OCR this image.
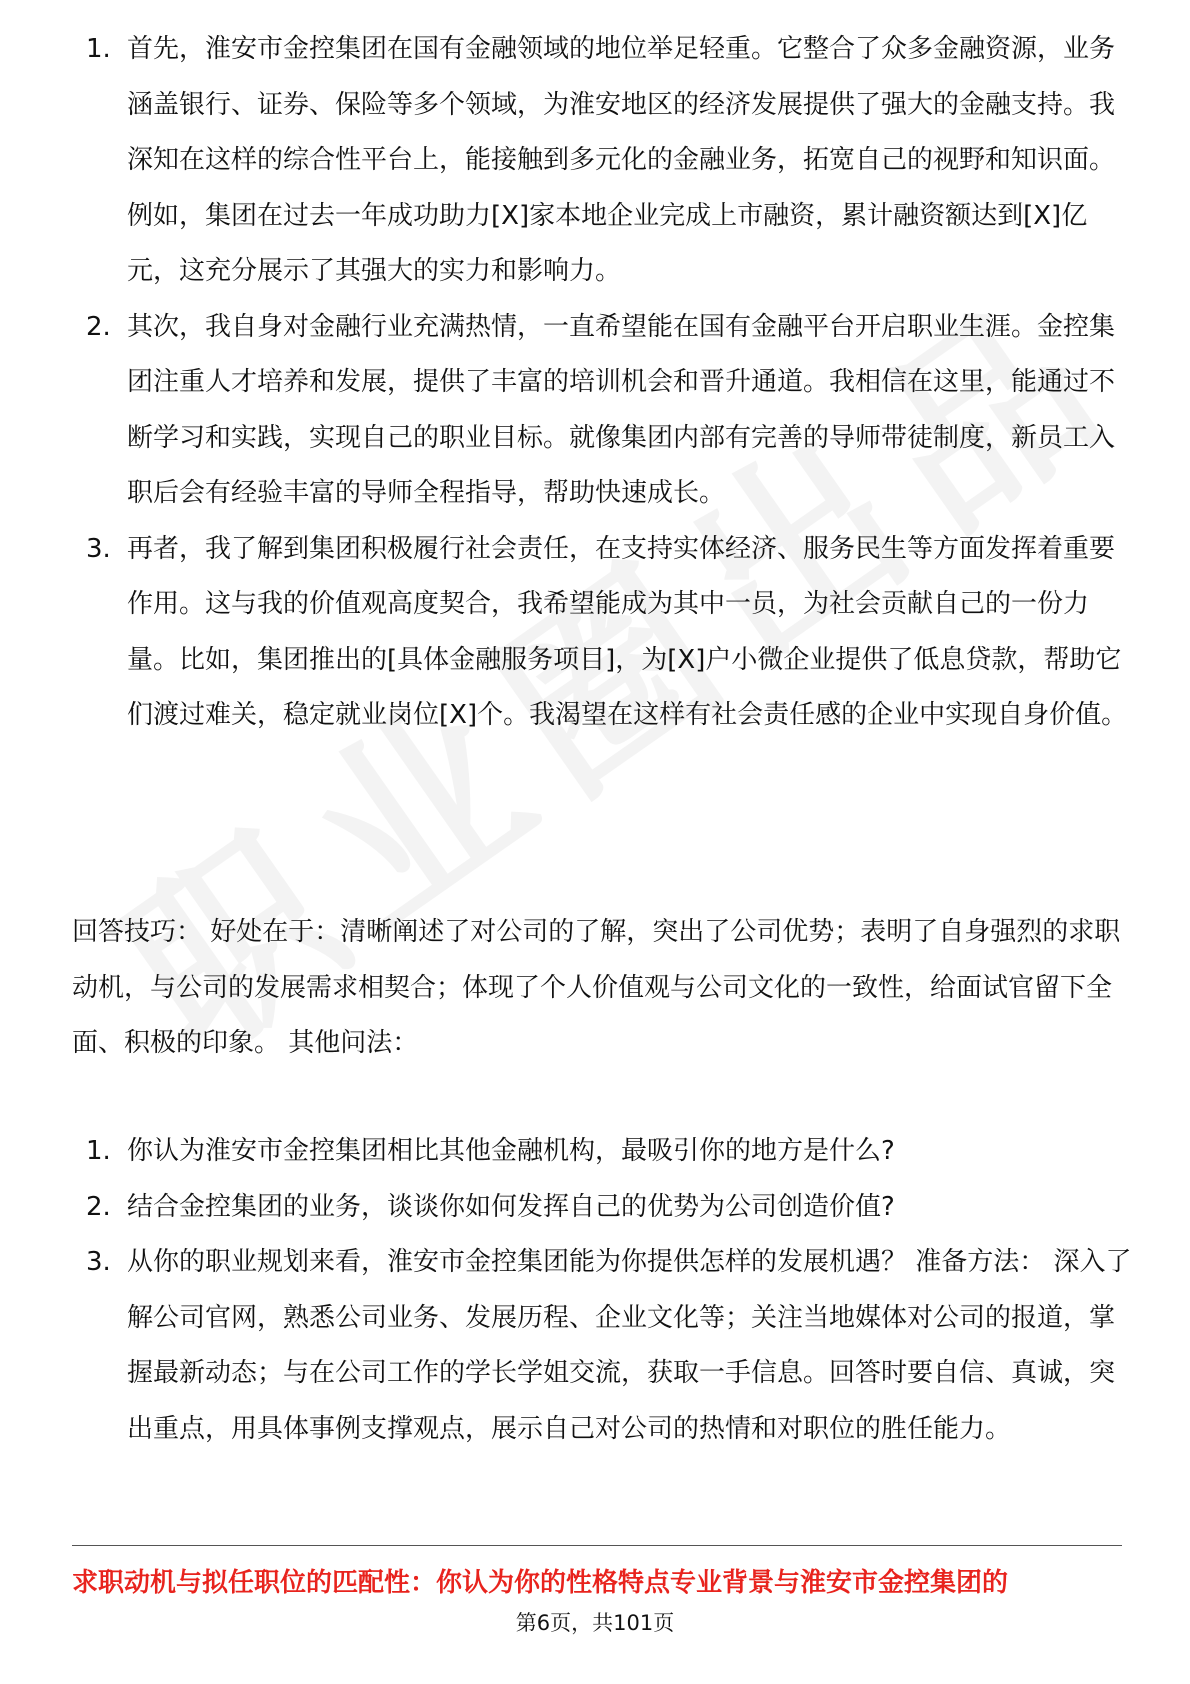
1. 首先，淮安市金控集团在国有金融领域的地位举足轻重。它整合了众多金融资源，业务涵盖银行、证券、保险等多个领域，为淮安地区的经济发展提供了强大的金融支持。我深知在这样的综合性平台上，能接触到多元化的金融业务，拓宽自己的视野和知识面。例如，集团在过去一年成功助力[X]家本地企业完成上市融资，累计融资额达到[X]亿元，这充分展示了其强大的实力和影响力。
2. 其次，我自身对金融行业充满热情，一直希望能在国有金融平台开启职业生涯。金控集团注重人才培养和发展，提供了丰富的培训机会和晋升通道。我相信在这里，能通过不断学习和实践，实现自己的职业目标。就像集团内部有完善的导师带徒制度，新员工入职后会有经验丰富的导师全程指导，帮助快速成长。
3. 再者，我了解到集团积极履行社会责任，在支持实体经济、服务民生等方面发挥着重要作用。这与我的价值观高度契合，我希望能成为其中一员，为社会贡献自己的一份力量。比如，集团推出的[具体金融服务项目]，为[X]户小微企业提供了低息贷款，帮助它们渡过难关，稳定就业岗位[X]个。我渴望在这样有社会责任感的企业中实现自身价值。

回答技巧： 好处在于：清晰阐述了对公司的了解，突出了公司优势；表明了自身强烈的求职动机，与公司的发展需求相契合；体现了个人价值观与公司文化的一致性，给面试官留下全面、积极的印象。 其他问法：

1. 你认为淮安市金控集团相比其他金融机构，最吸引你的地方是什么?
2. 结合金控集团的业务，谈谈你如何发挥自己的优势为公司创造价值?
3. 从你的职业规划来看，淮安市金控集团能为你提供怎样的发展机遇？ 准备方法： 深入了解公司官网，熟悉公司业务、发展历程、企业文化等；关注当地媒体对公司的报道，掌握最新动态；与在公司工作的学长学姐交流，获取一手信息。回答时要自信、真诚，突出重点，用具体事例支撑观点，展示自己对公司的热情和对职位的胜任能力。

求职动机与拟任职位的匹配性：你认为你的性格特点专业背景与淮安市金控集团的

第6页，共101页
